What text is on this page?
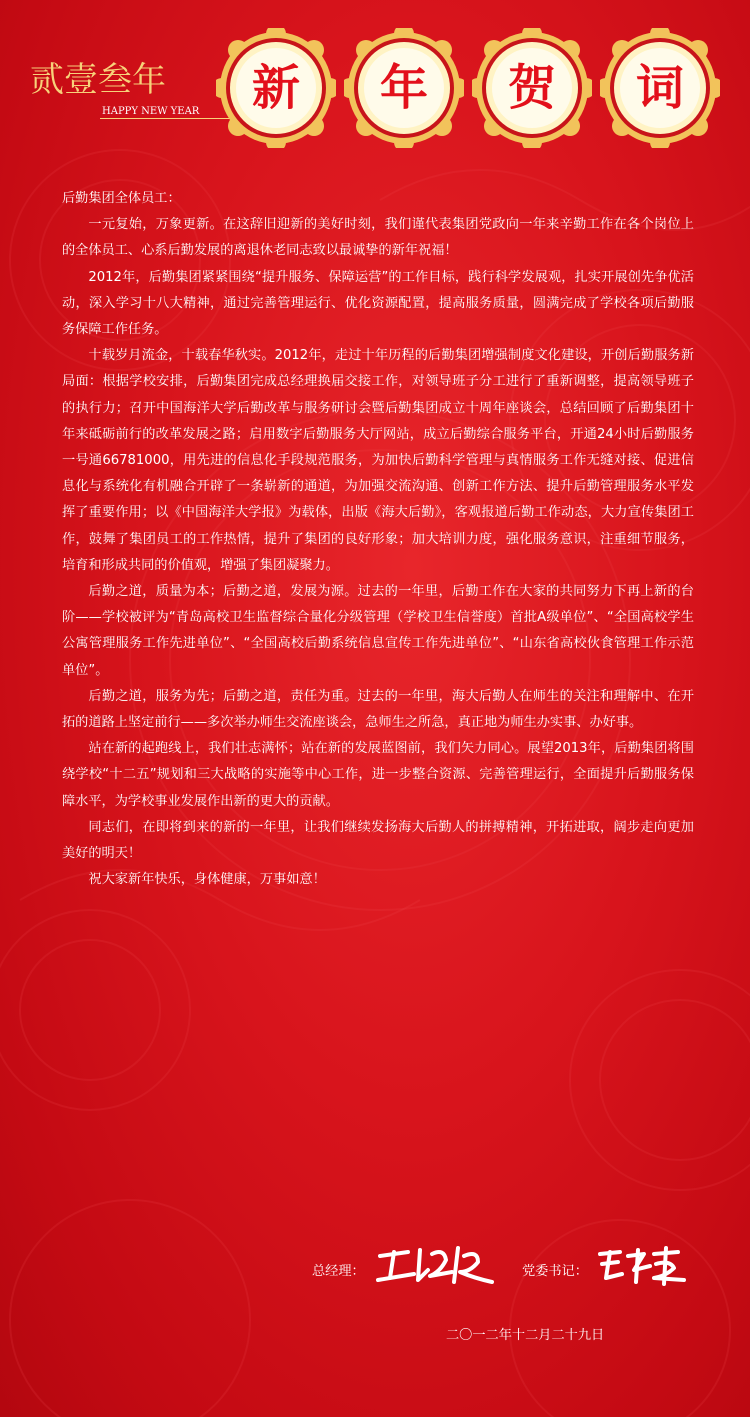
贰壹叁年
HAPPY NEW YEAR	新	年	贺	词

后勤集团全体员工：

一元复始，万象更新。在这辞旧迎新的美好时刻，我们谨代表集团党政向一年来辛勤工作在各个岗位上的全体员工、心系后勤发展的离退休老同志致以最诚挚的新年祝福！

2012年，后勤集团紧紧围绕“提升服务、保障运营”的工作目标，践行科学发展观，扎实开展创先争优活动，深入学习十八大精神，通过完善管理运行、优化资源配置，提高服务质量，圆满完成了学校各项后勤服务保障工作任务。

十载岁月流金，十载春华秋实。2012年，走过十年历程的后勤集团增强制度文化建设，开创后勤服务新局面：根据学校安排，后勤集团完成总经理换届交接工作，对领导班子分工进行了重新调整，提高领导班子的执行力；召开中国海洋大学后勤改革与服务研讨会暨后勤集团成立十周年座谈会，总结回顾了后勤集团十年来砥砺前行的改革发展之路；启用数字后勤服务大厅网站，成立后勤综合服务平台，开通24小时后勤服务一号通66781000，用先进的信息化手段规范服务，为加快后勤科学管理与真情服务工作无缝对接、促进信息化与系统化有机融合开辟了一条崭新的通道，为加强交流沟通、创新工作方法、提升后勤管理服务水平发挥了重要作用；以《中国海洋大学报》为载体，出版《海大后勤》，客观报道后勤工作动态，大力宣传集团工作，鼓舞了集团员工的工作热情，提升了集团的良好形象；加大培训力度，强化服务意识，注重细节服务，培育和形成共同的价值观，增强了集团凝聚力。

后勤之道，质量为本；后勤之道，发展为源。过去的一年里，后勤工作在大家的共同努力下再上新的台阶——学校被评为“青岛高校卫生监督综合量化分级管理（学校卫生信誉度）首批A级单位”、“全国高校学生公寓管理服务工作先进单位”、“全国高校后勤系统信息宣传工作先进单位”、“山东省高校伙食管理工作示范单位”。

后勤之道，服务为先；后勤之道，责任为重。过去的一年里，海大后勤人在师生的关注和理解中、在开拓的道路上坚定前行——多次举办师生交流座谈会，急师生之所急，真正地为师生办实事、办好事。

站在新的起跑线上，我们壮志满怀；站在新的发展蓝图前，我们矢力同心。展望2013年，后勤集团将围绕学校“十二五”规划和三大战略的实施等中心工作，进一步整合资源、完善管理运行，全面提升后勤服务保障水平，为学校事业发展作出新的更大的贡献。

同志们，在即将到来的新的一年里，让我们继续发扬海大后勤人的拼搏精神，开拓进取，阔步走向更加美好的明天！

祝大家新年快乐，身体健康，万事如意！

总经理：	党委书记：
二〇一二年十二月二十九日
